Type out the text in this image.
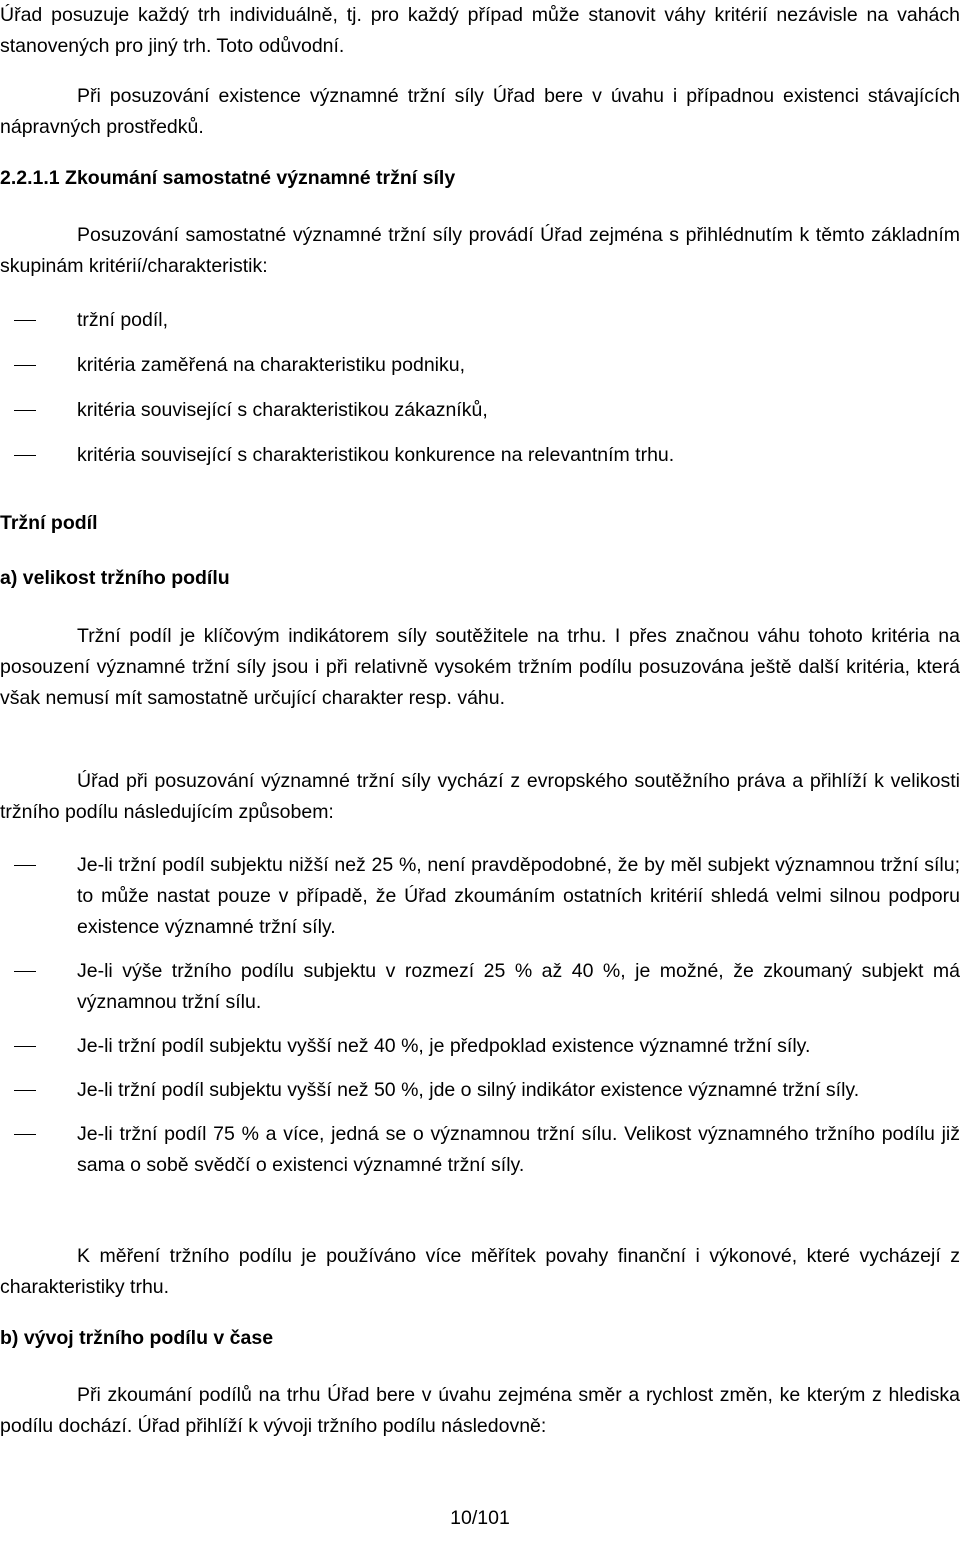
Úřad posuzuje každý trh individuálně, tj. pro každý případ může stanovit váhy kritérií nezávisle na vahách stanovených pro jiný trh. Toto odůvodní.

Při posuzování existence významné tržní síly Úřad bere v úvahu i případnou existenci stávajících nápravných prostředků.

2.2.1.1 Zkoumání samostatné významné tržní síly

Posuzování samostatné významné tržní síly provádí Úřad zejména s přihlédnutím k těmto základním skupinám kritérií/charakteristik:

tržní podíl,
kritéria zaměřená na charakteristiku podniku,
kritéria související s charakteristikou zákazníků,
kritéria související s charakteristikou konkurence na relevantním trhu.

Tržní podíl

a) velikost tržního podílu

Tržní podíl je klíčovým indikátorem síly soutěžitele na trhu. I přes značnou váhu tohoto kritéria na posouzení významné tržní síly jsou i při relativně vysokém tržním podílu posuzována ještě další kritéria, která však nemusí mít samostatně určující charakter resp. váhu.

Úřad při posuzování významné tržní síly vychází z evropského soutěžního práva a přihlíží k velikosti tržního podílu následujícím způsobem:

Je-li tržní podíl subjektu nižší než 25 %, není pravděpodobné, že by měl subjekt významnou tržní sílu; to může nastat pouze v případě, že Úřad zkoumáním ostatních kritérií shledá velmi silnou podporu existence významné tržní síly.
Je-li výše tržního podílu subjektu v rozmezí 25 % až 40 %, je možné, že zkoumaný subjekt má významnou tržní sílu.
Je-li tržní podíl subjektu vyšší než 40 %, je předpoklad existence významné tržní síly.
Je-li tržní podíl subjektu vyšší než 50 %, jde o silný indikátor existence významné tržní síly.
Je-li tržní podíl 75 % a více, jedná se o významnou tržní sílu. Velikost významného tržního podílu již sama o sobě svědčí o existenci významné tržní síly.

K měření tržního podílu je používáno více měřítek povahy finanční i výkonové, které vycházejí z charakteristiky trhu.

b) vývoj tržního podílu v čase

Při zkoumání podílů na trhu Úřad bere v úvahu zejména směr a rychlost změn, ke kterým z hlediska podílu dochází. Úřad přihlíží k vývoji tržního podílu následovně:

10/101
